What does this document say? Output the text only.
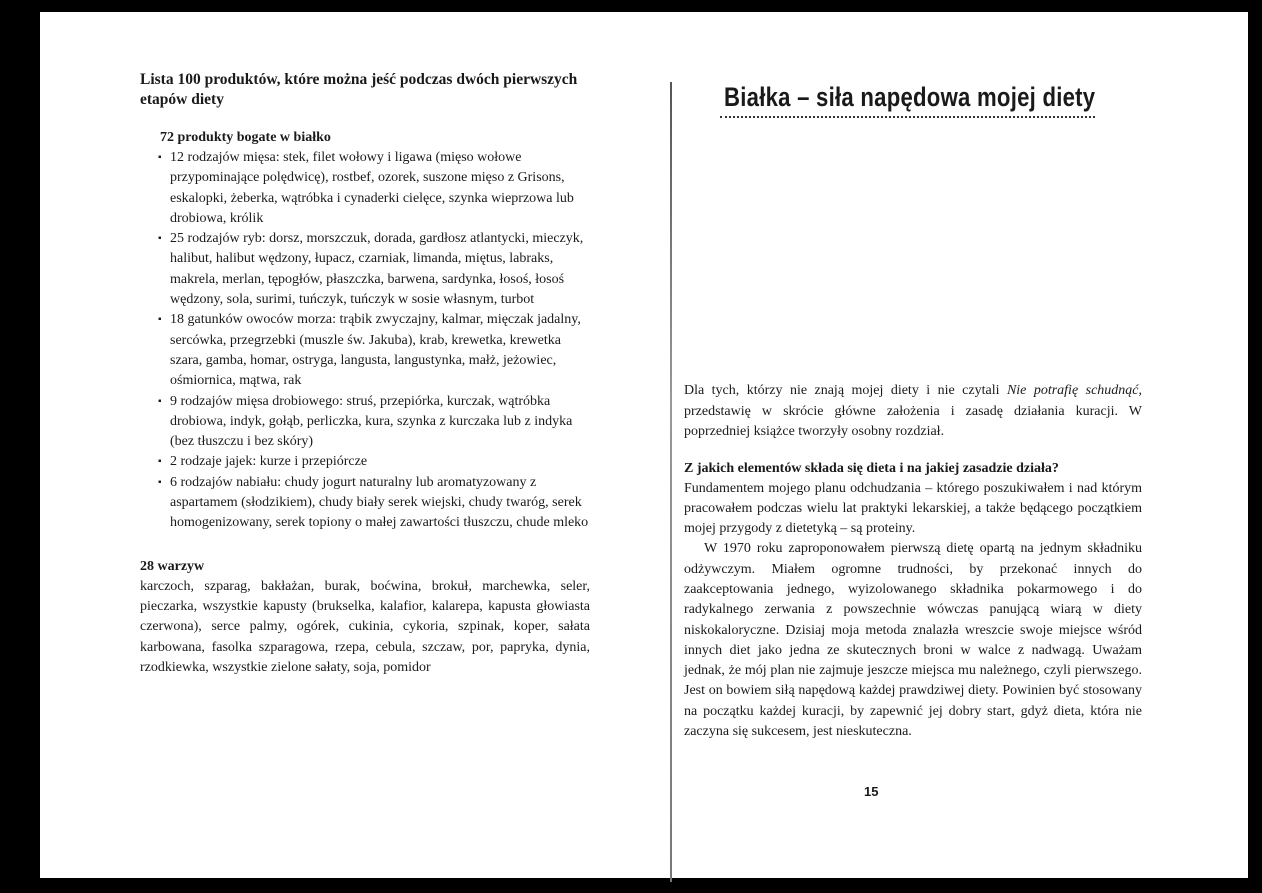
Lista 100 produktów, które można jeść podczas dwóch pierwszych etapów diety

72 produkty bogate w białko

▪ 12 rodzajów mięsa: stek, filet wołowy i ligawa (mięso wołowe przypominające polędwicę), rostbef, ozorek, suszone mięso z Grisons, eskalopki, żeberka, wątróbka i cynaderki cielęce, szynka wieprzowa lub drobiowa, królik
▪ 25 rodzajów ryb: dorsz, morszczuk, dorada, gardłosz atlantycki, mieczyk, halibut, halibut wędzony, łupacz, czarniak, limanda, miętus, labraks, makrela, merlan, tępogłów, płaszczka, barwena, sardynka, łosoś, łosoś wędzony, sola, surimi, tuńczyk, tuńczyk w sosie własnym, turbot
▪ 18 gatunków owoców morza: trąbik zwyczajny, kalmar, mięczak jadalny, sercówka, przegrzebki (muszle św. Jakuba), krab, krewetka, krewetka szara, gamba, homar, ostryga, langusta, langustynka, małż, jeżowiec, ośmiornica, mątwa, rak
▪ 9 rodzajów mięsa drobiowego: struś, przepiórka, kurczak, wątróbka drobiowa, indyk, gołąb, perliczka, kura, szynka z kurczaka lub z indyka (bez tłuszczu i bez skóry)
▪ 2 rodzaje jajek: kurze i przepiórcze
▪ 6 rodzajów nabiału: chudy jogurt naturalny lub aromatyzowany z aspartamem (słodzikiem), chudy biały serek wiejski, chudy twaróg, serek homogenizowany, serek topiony o małej zawartości tłuszczu, chude mleko

28 warzyw

karczoch, szparag, bakłażan, burak, boćwina, brokuł, marchewka, seler, pieczarka, wszystkie kapusty (brukselka, kalafior, kalarepa, kapusta głowiasta czerwona), serce palmy, ogórek, cukinia, cykoria, szpinak, koper, sałata karbowana, fasolka szparagowa, rzepa, cebula, szczaw, por, papryka, dynia, rzodkiewka, wszystkie zielone sałaty, soja, pomidor

Białka – siła napędowa mojej diety

Dla tych, którzy nie znają mojej diety i nie czytali Nie potrafię schudnąć, przedstawię w skrócie główne założenia i zasadę działania kuracji. W poprzedniej książce tworzyły osobny rozdział.

Z jakich elementów składa się dieta i na jakiej zasadzie działa?

Fundamentem mojego planu odchudzania – którego poszukiwałem i nad którym pracowałem podczas wielu lat praktyki lekarskiej, a także będącego początkiem mojej przygody z dietetyką – są proteiny.

W 1970 roku zaproponowałem pierwszą dietę opartą na jednym składniku odżywczym. Miałem ogromne trudności, by przekonać innych do zaakceptowania jednego, wyizolowanego składnika pokarmowego i do radykalnego zerwania z powszechnie wówczas panującą wiarą w diety niskokaloryczne. Dzisiaj moja metoda znalazła wreszcie swoje miejsce wśród innych diet jako jedna ze skutecznych broni w walce z nadwagą. Uważam jednak, że mój plan nie zajmuje jeszcze miejsca mu należnego, czyli pierwszego. Jest on bowiem siłą napędową każdej prawdziwej diety. Powinien być stosowany na początku każdej kuracji, by zapewnić jej dobry start, gdyż dieta, która nie zaczyna się sukcesem, jest nieskuteczna.

15
